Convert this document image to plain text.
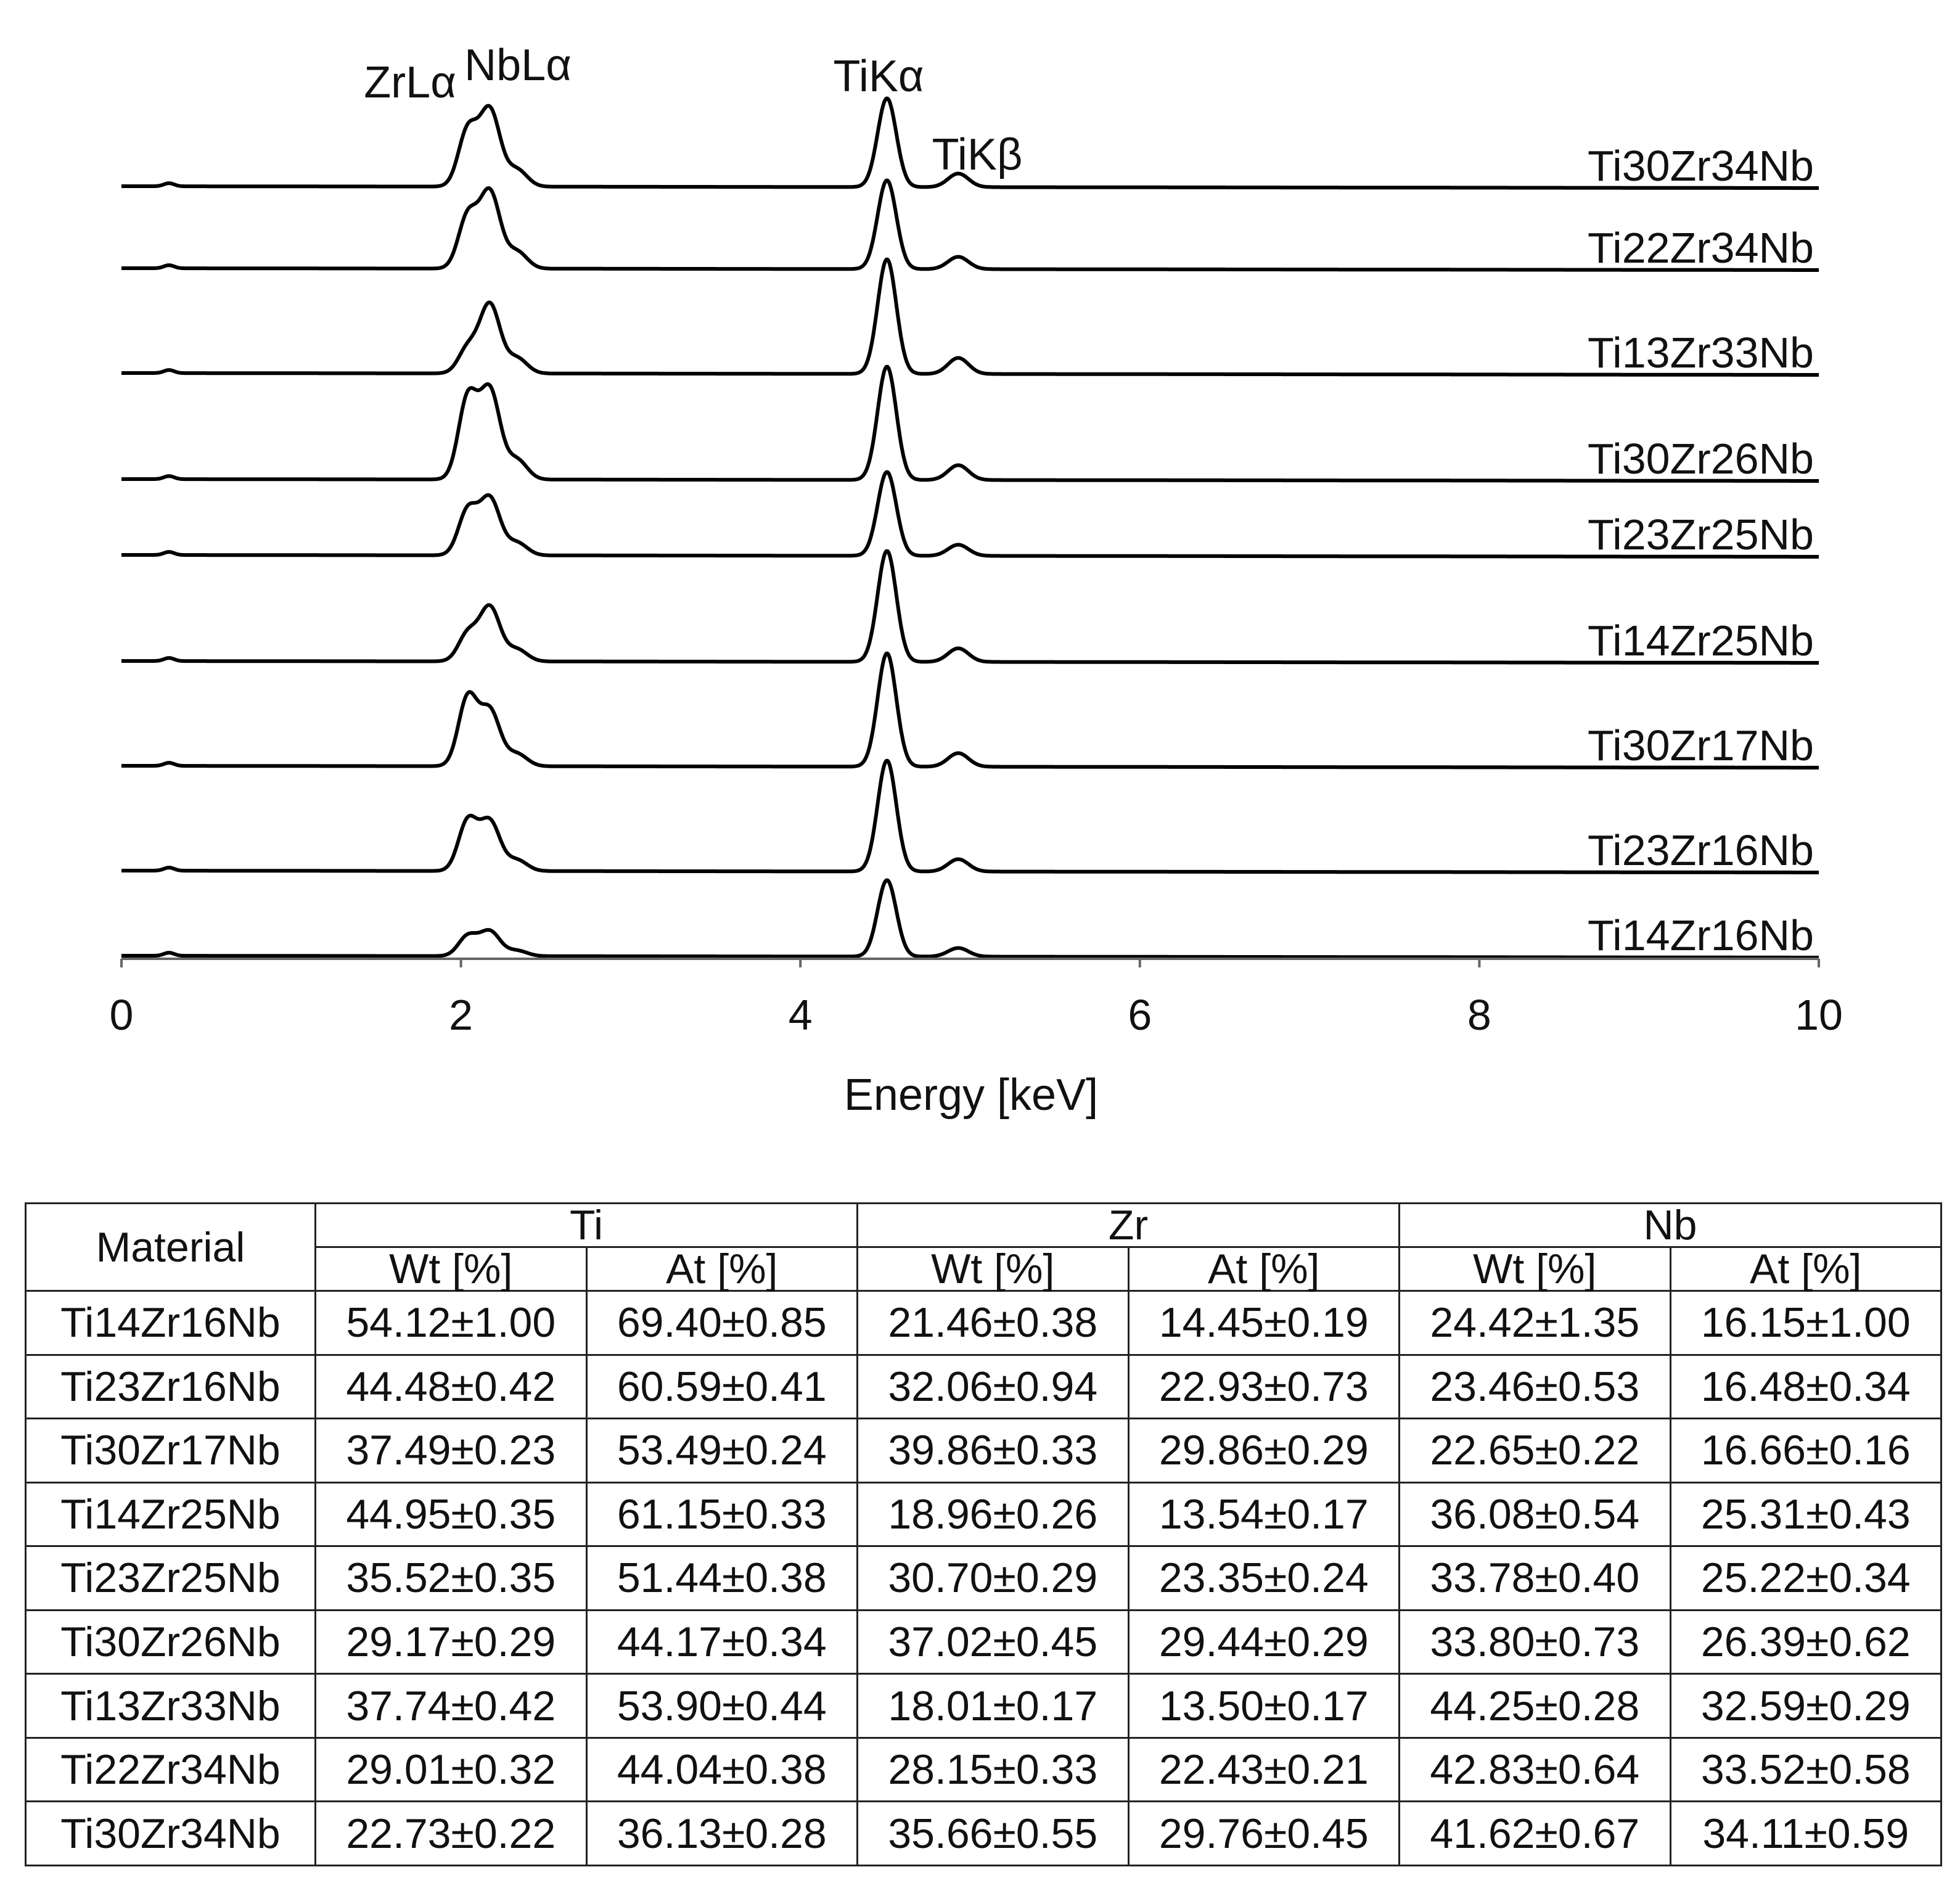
Ti30Zr34Nb
Ti22Zr34Nb
Ti13Zr33Nb
Ti30Zr26Nb
Ti23Zr25Nb
Ti14Zr25Nb
Ti30Zr17Nb
Ti23Zr16Nb
Ti14Zr16Nb
ZrLα NbLα	TiKα
TiKβ
0	2	4	6	8	10
Energy [keV]
Material	Ti		Zr		Nb	
	Wt [%]	At [%]	Wt [%]	At [%]	Wt [%]	At [%]
Ti14Zr16Nb	54.12±1.00	69.40±0.85	21.46±0.38	14.45±0.19	24.42±1.35	16.15±1.00
Ti23Zr16Nb	44.48±0.42	60.59±0.41	32.06±0.94	22.93±0.73	23.46±0.53	16.48±0.34
Ti30Zr17Nb	37.49±0.23	53.49±0.24	39.86±0.33	29.86±0.29	22.65±0.22	16.66±0.16
Ti14Zr25Nb	44.95±0.35	61.15±0.33	18.96±0.26	13.54±0.17	36.08±0.54	25.31±0.43
Ti23Zr25Nb	35.52±0.35	51.44±0.38	30.70±0.29	23.35±0.24	33.78±0.40	25.22±0.34
Ti30Zr26Nb	29.17±0.29	44.17±0.34	37.02±0.45	29.44±0.29	33.80±0.73	26.39±0.62
Ti13Zr33Nb	37.74±0.42	53.90±0.44	18.01±0.17	13.50±0.17	44.25±0.28	32.59±0.29
Ti22Zr34Nb	29.01±0.32	44.04±0.38	28.15±0.33	22.43±0.21	42.83±0.64	33.52±0.58
Ti30Zr34Nb	22.73±0.22	36.13±0.28	35.66±0.55	29.76±0.45	41.62±0.67	34.11±0.59
